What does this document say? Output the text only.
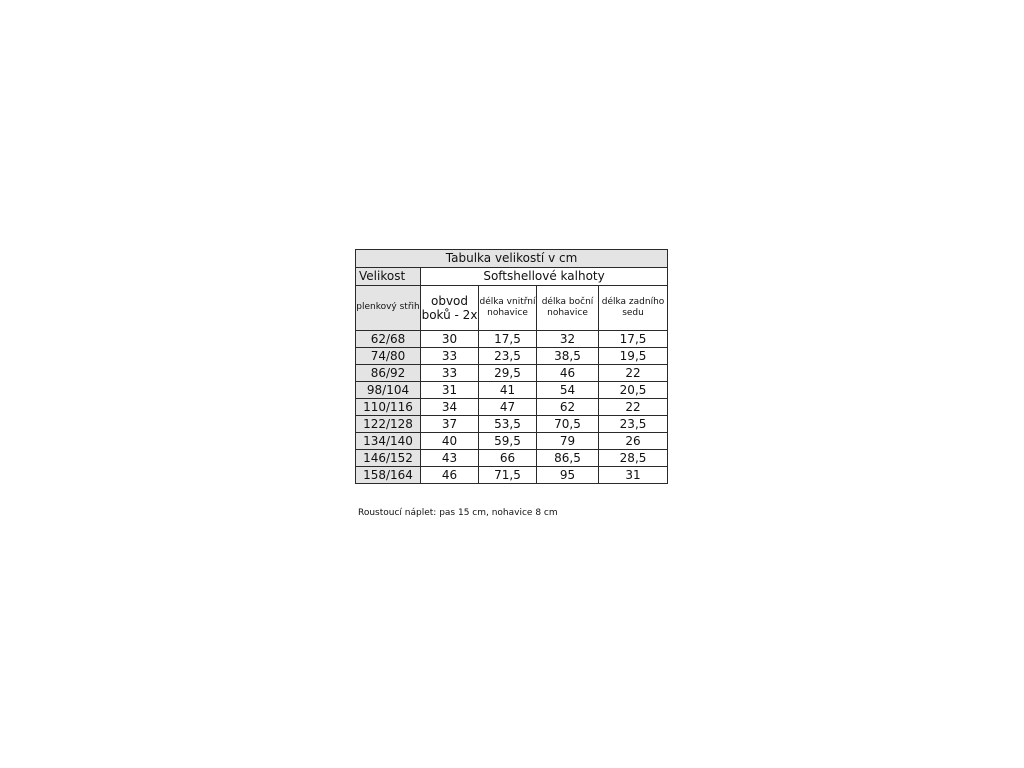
Tabulka velikostí v cm				
Velikost	Softshellové kalhoty			
plenkový střih	obvod boků - 2x	délka vnitřní nohavice	délka boční nohavice	délka zadního sedu
62/68	30	17,5	32	17,5
74/80	33	23,5	38,5	19,5
86/92	33	29,5	46	22
98/104	31	41	54	20,5
110/116	34	47	62	22
122/128	37	53,5	70,5	23,5
134/140	40	59,5	79	26
146/152	43	66	86,5	28,5
158/164	46	71,5	95	31
Roustoucí náplet: pas 15 cm, nohavice 8 cm
